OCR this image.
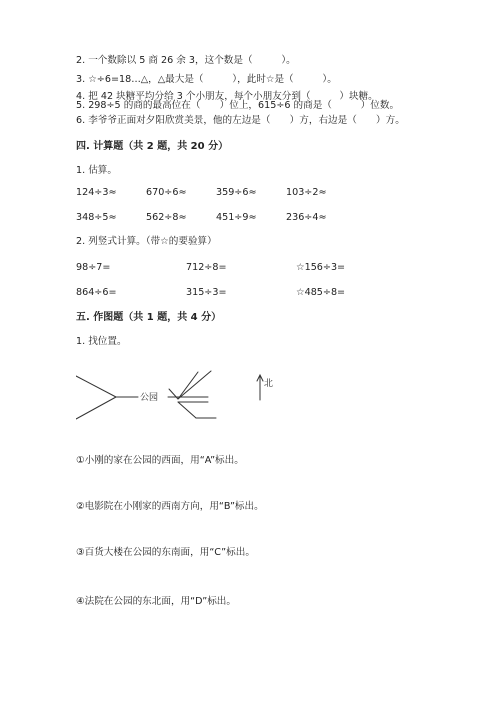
2. 一个数除以 5 商 26 余 3，这个数是（　　　）。
3. ☆÷6=18…△，△最大是（　　　），此时☆是（　　　）。
4. 把 42 块糖平均分给 3 个小朋友，每个小朋友分到（　　　）块糖。
5. 298÷5 的商的最高位在（　　）位上，615÷6 的商是（　　　）位数。
6. 李爷爷正面对夕阳欣赏美景，他的左边是（　　）方，右边是（　　）方。
四. 计算题（共 2 题，共 20 分）
1. 估算。
124÷3≈	670÷6≈	359÷6≈	103÷2≈
348÷5≈	562÷8≈	451÷9≈	236÷4≈
2. 列竖式计算。（带☆的要验算）
98÷7=	712÷8=	☆156÷3=
864÷6=	315÷3=	☆485÷8=
五. 作图题（共 1 题，共 4 分）
1. 找位置。
公园
北
①小刚的家在公园的西面，用“A”标出。
②电影院在小刚家的西南方向，用“B”标出。
③百货大楼在公园的东南面，用“C”标出。
④法院在公园的东北面，用“D”标出。
